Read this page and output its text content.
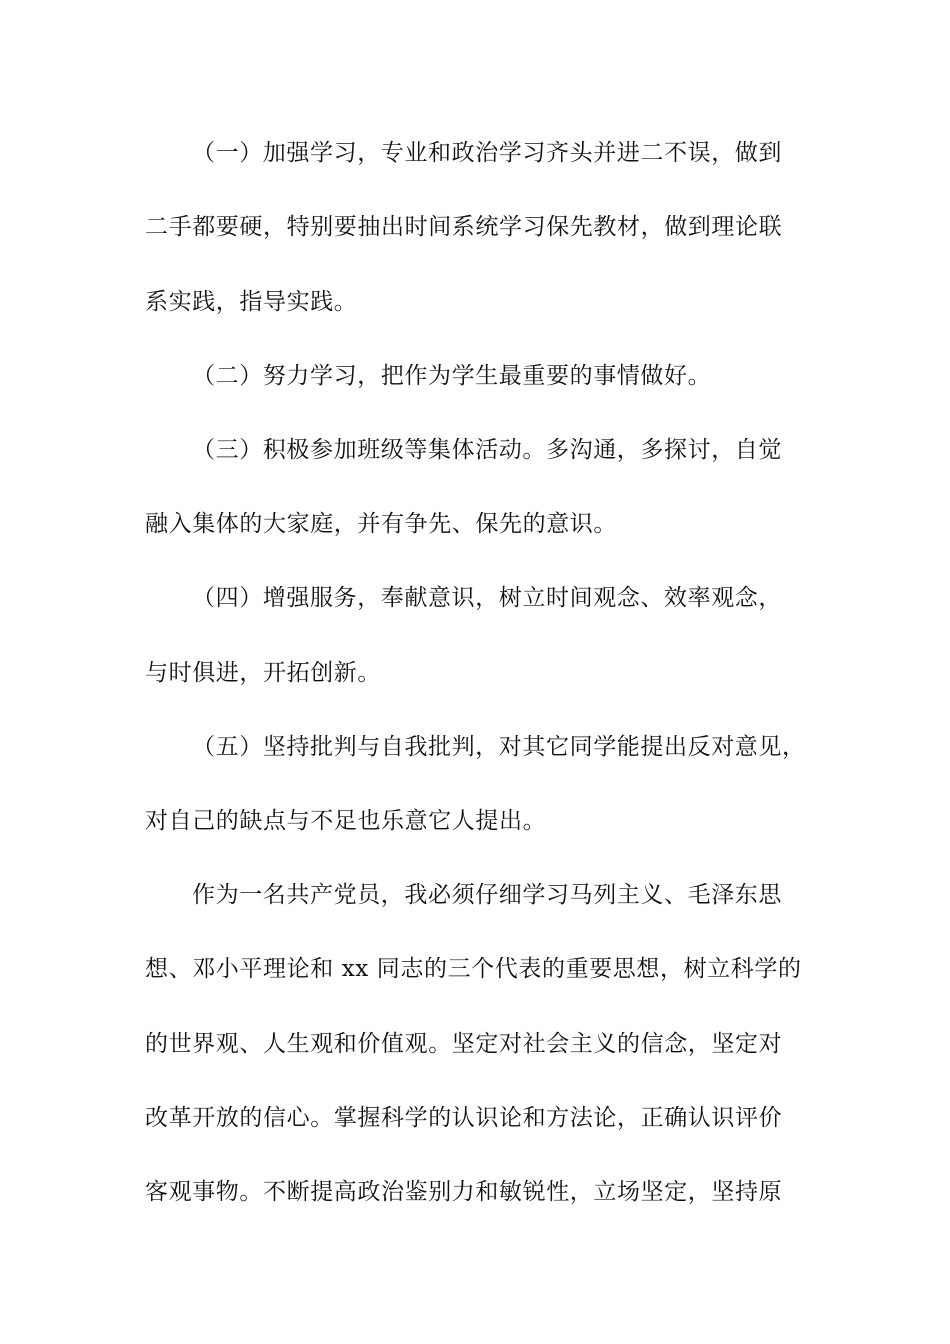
（一）加强学习，专业和政治学习齐头并进二不误，做到
二手都要硬，特别要抽出时间系统学习保先教材，做到理论联
系实践，指导实践。
（二）努力学习，把作为学生最重要的事情做好。
（三）积极参加班级等集体活动。多沟通，多探讨，自觉
融入集体的大家庭，并有争先、保先的意识。
（四）增强服务，奉献意识，树立时间观念、效率观念，
与时俱进，开拓创新。
（五）坚持批判与自我批判，对其它同学能提出反对意见，
对自己的缺点与不足也乐意它人提出。
作为一名共产党员，我必须仔细学习马列主义、毛泽东思
想、邓小平理论和 xx 同志的三个代表的重要思想，树立科学的
的世界观、人生观和价值观。坚定对社会主义的信念，坚定对
改革开放的信心。掌握科学的认识论和方法论，正确认识评价
客观事物。不断提高政治鉴别力和敏锐性，立场坚定，坚持原
